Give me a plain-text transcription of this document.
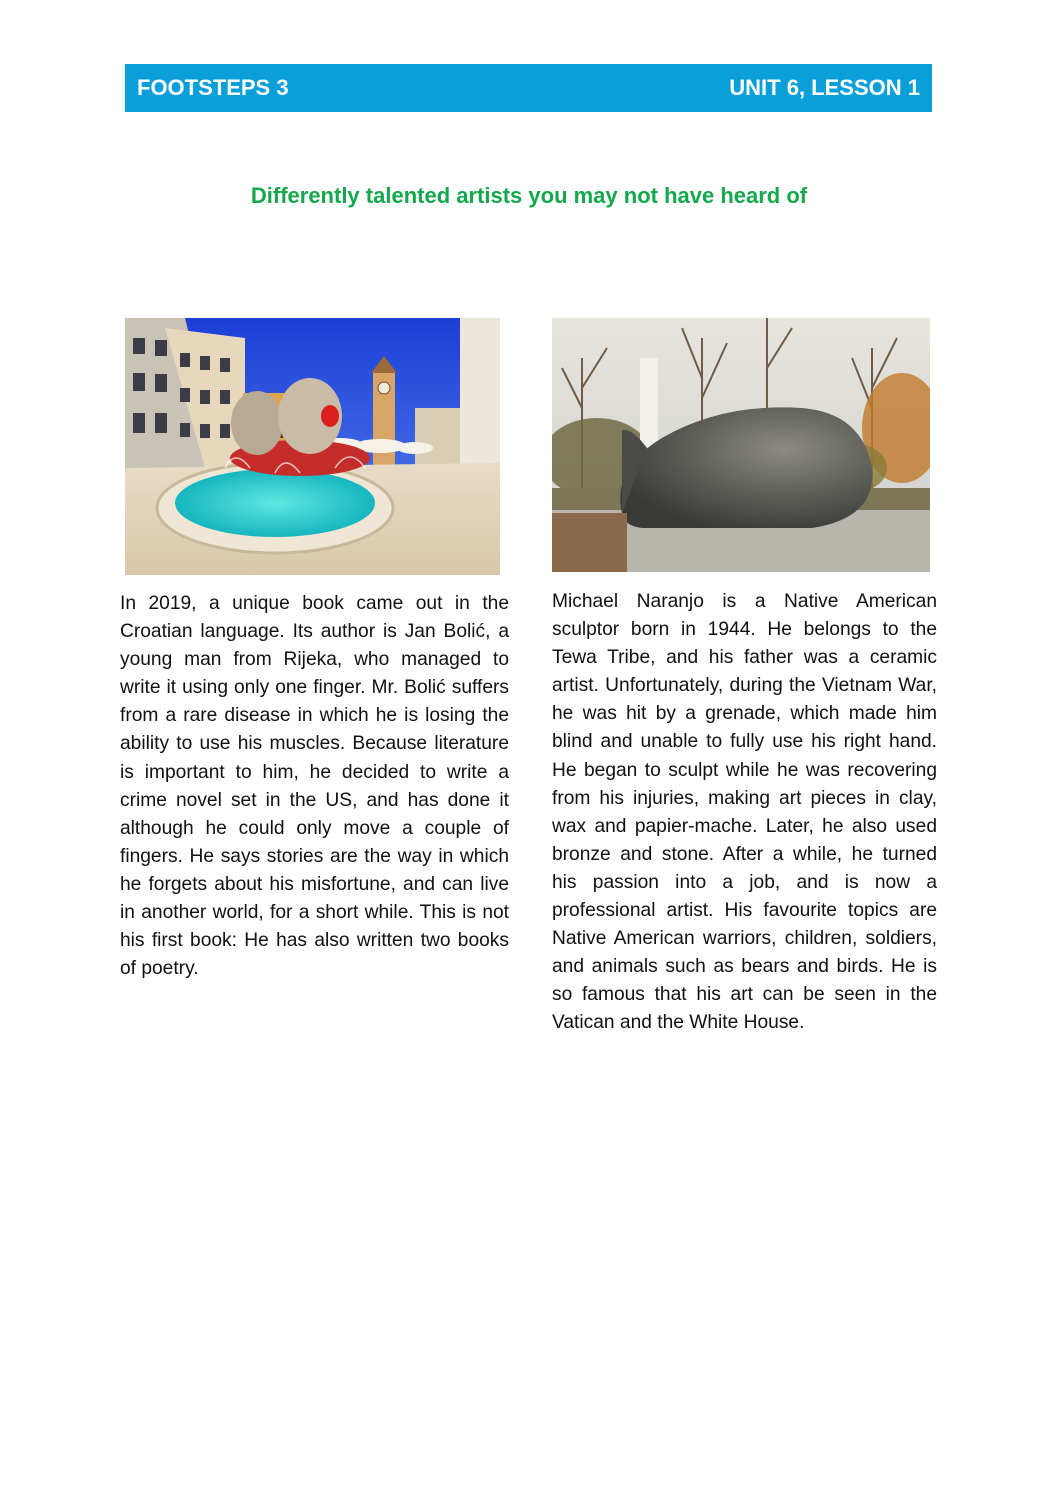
FOOTSTEPS 3	UNIT 6, LESSON 1
Differently talented artists you may not have heard of

In 2019, a unique book came out in the Croatian language. Its author is Jan Bolić, a young man from Rijeka, who managed to write it using only one finger. Mr. Bolić suffers from a rare disease in which he is losing the ability to use his muscles. Because literature is important to him, he decided to write a crime novel set in the US, and has done it although he could only move a couple of fingers. He says stories are the way in which he forgets about his misfortune, and can live in another world, for a short while. This is not his first book: He has also written two books of poetry.

Michael Naranjo is a Native American sculptor born in 1944. He belongs to the Tewa Tribe, and his father was a ceramic artist. Unfortunately, during the Vietnam War, he was hit by a grenade, which made him blind and unable to fully use his right hand. He began to sculpt while he was recovering from his injuries, making art pieces in clay, wax and papier-mache. Later, he also used bronze and stone. After a while, he turned his passion into a job, and is now a professional artist. His favourite topics are Native American warriors, children, soldiers, and animals such as bears and birds. He is so famous that his art can be seen in the Vatican and the White House.
